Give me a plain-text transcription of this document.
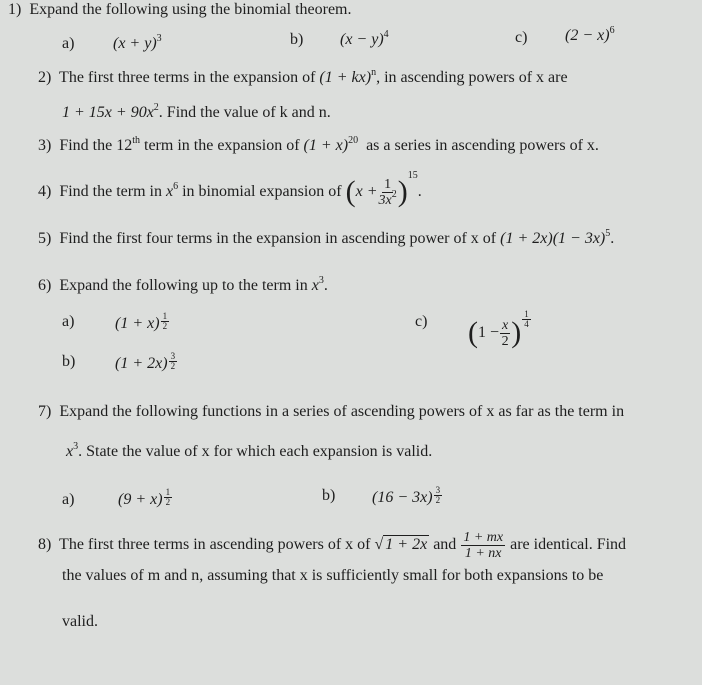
1) Expand the following using the binomial theorem.
a) $(x + y)^3$	b) $(x - y)^4$	c) $(2 - x)^6$
2) The first three terms in the expansion of (1 + kx)$^n$, in ascending powers of x are
$1 + 15x + 90x^2$. Find the value of k and n.
3) Find the 12th term in the expansion of $(1 + x)^{20}$ as a series in ascending powers of x.
4) Find the term in $x^6$ in binomial expansion of $(x + \frac{1}{3x^2} )^{15}$.
5) Find the first four terms in the expansion in ascending power of x of $(1 + 2x)(1 - 3x)^5$.
6) Expand the following up to the term in $x^3$.
a)	$(1 + x) \frac{1}{2}$
b) $(1 + 2x) \frac{3}{2}$
c) ($1 - \frac{x}{2}$ ) $\frac{1}{4}$
7) Expand the following functions in a series of ascending powers of x as far as the term in
$x^3$. State the value of x for which each expansion is valid.
a)	$(9 + x) \frac{1}{2}$	b) $(16 - 3x) \frac{3}{2}$
8) The first three terms in ascending powers of x of √ 1 + 2x and $\frac{1 + mx}{1 + nx}$ are identical. Find
the values of m and n, assuming that x is sufficiently small for both expansions to be
valid.
